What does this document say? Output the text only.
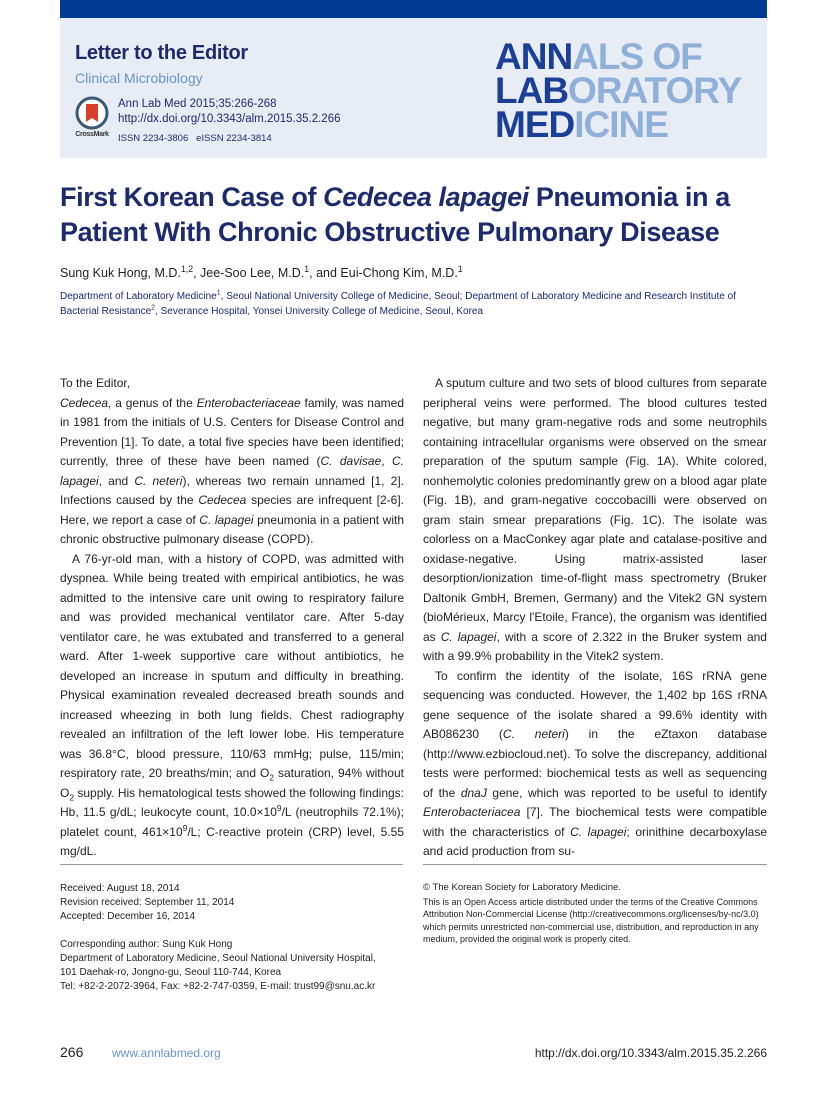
Letter to the Editor
Clinical Microbiology
CrossMark
Ann Lab Med 2015;35:266-268
http://dx.doi.org/10.3343/alm.2015.35.2.266
ISSN 2234-3806 eISSN 2234-3814
ANNALS OF
LABORATORY
MEDICINE
First Korean Case of Cedecea lapagei Pneumonia in a Patient With Chronic Obstructive Pulmonary Disease
Sung Kuk Hong, M.D.$^{1,2}$, Jee-Soo Lee, M.D.$^1$, and Eui-Chong Kim, M.D.$^1$
Department of Laboratory Medicine$^1$, Seoul National University College of Medicine, Seoul; Department of Laboratory Medicine and Research Institute of Bacterial Resistance$^2$, Severance Hospital, Yonsei University College of Medicine, Seoul, Korea

To the Editor,

Cedecea, a genus of the Enterobacteriaceae family, was named in 1981 from the initials of U.S. Centers for Disease Control and Prevention [1]. To date, a total five species have been identified; currently, three of these have been named (C. davisae, C. lapagei, and C. neteri), whereas two remain unnamed [1, 2]. Infections caused by the Cedecea species are infrequent [2-6]. Here, we report a case of C. lapagei pneumonia in a patient with chronic obstructive pulmonary disease (COPD).

A 76-yr-old man, with a history of COPD, was admitted with dyspnea. While being treated with empirical antibiotics, he was admitted to the intensive care unit owing to respiratory failure and was provided mechanical ventilator care. After 5-day ventilator care, he was extubated and transferred to a general ward. After 1-week supportive care without antibiotics, he developed an increase in sputum and difficulty in breathing. Physical examination revealed decreased breath sounds and increased wheezing in both lung fields. Chest radiography revealed an infiltration of the left lower lobe. His temperature was 36.8°C, blood pressure, 110/63 mmHg; pulse, 115/min; respiratory rate, 20 breaths/min; and $O_2$ saturation, 94% without $O_2$ supply. His hematological tests showed the following findings: Hb, 11.5 g/dL; leukocyte count, $10.0\times 10^9/L$ (neutrophils 72.1%); platelet count, $461\times 10^9/L$; C-reactive protein (CRP) level, 5.55 mg/dL.

A sputum culture and two sets of blood cultures from separate peripheral veins were performed. The blood cultures tested negative, but many gram-negative rods and some neutrophils containing intracellular organisms were observed on the smear preparation of the sputum sample (Fig. 1A). White colored, nonhemolytic colonies predominantly grew on a blood agar plate (Fig. 1B), and gram-negative coccobacilli were observed on gram stain smear preparations (Fig. 1C). The isolate was colorless on a MacConkey agar plate and catalase-positive and oxidase-negative. Using matrix-assisted laser desorption/ionization time-of-flight mass spectrometry (Bruker Daltonik GmbH, Bremen, Germany) and the Vitek2 GN system (bioMérieux, Marcy l'Etoile, France), the organism was identified as C. lapagei, with a score of 2.322 in the Bruker system and with a 99.9% probability in the Vitek2 system.

To confirm the identity of the isolate, 16S rRNA gene sequencing was conducted. However, the 1,402 bp 16S rRNA gene sequence of the isolate shared a 99.6% identity with AB086230 (C. neteri) in the eZtaxon database (http://www.ezbiocloud.net). To solve the discrepancy, additional tests were performed: biochemical tests as well as sequencing of the dnaJ gene, which was reported to be useful to identify Enterobacteriacea [7]. The biochemical tests were compatible with the characteristics of C. lapagei; orinithine decarboxylase and acid production from su-

Received: August 18, 2014
Revision received: September 11, 2014
Accepted: December 16, 2014
Corresponding author: Sung Kuk Hong
Department of Laboratory Medicine, Seoul National University Hospital,
101 Daehak-ro, Jongno-gu, Seoul 110-744, Korea
Tel: +82-2-2072-3964, Fax: +82-2-747-0359, E-mail: trust99@snu.ac.kr
© The Korean Society for Laboratory Medicine.
This is an Open Access article distributed under the terms of the Creative Commons Attribution Non-Commercial License (http://creativecommons.org/licenses/by-nc/3.0) which permits unrestricted non-commercial use, distribution, and reproduction in any medium, provided the original work is properly cited.
266 www.annlabmed.org	http://dx.doi.org/10.3343/alm.2015.35.2.266
